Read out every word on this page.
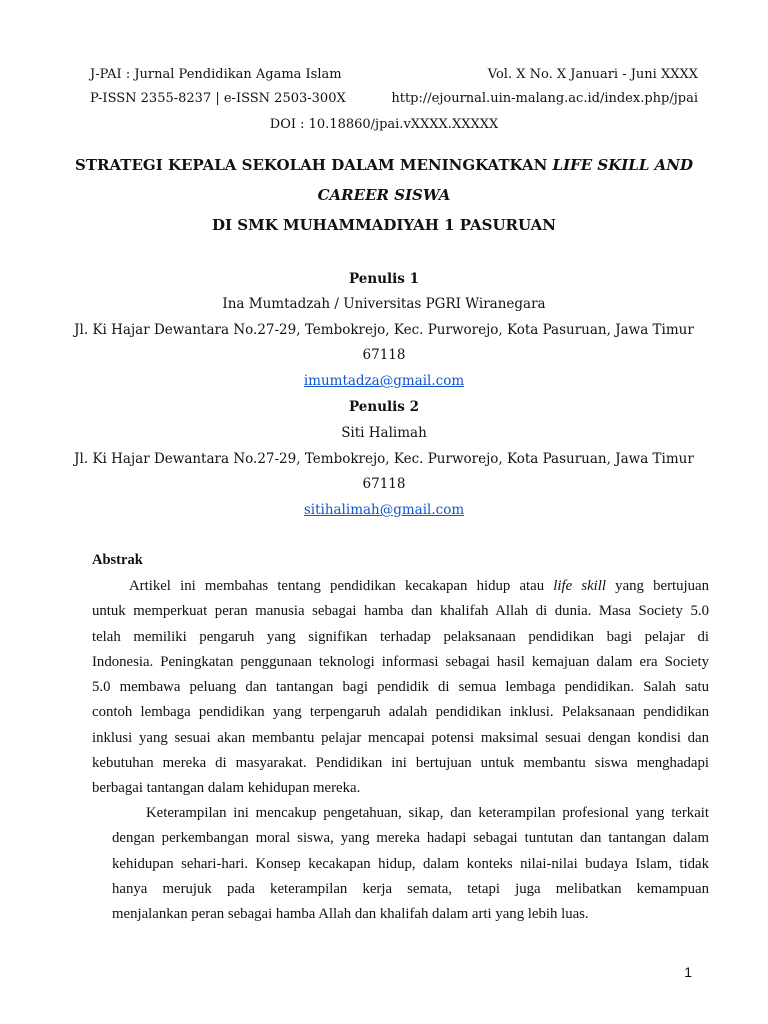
J-PAI : Jurnal Pendidikan Agama Islam	Vol. X No. X Januari - Juni XXXX
P-ISSN 2355-8237 | e-ISSN 2503-300X	http://ejournal.uin-malang.ac.id/index.php/jpai
DOI : 10.18860/jpai.vXXXX.XXXXX
STRATEGI KEPALA SEKOLAH DALAM MENINGKATKAN LIFE SKILL AND
CAREER SISWA
DI SMK MUHAMMADIYAH 1 PASURUAN
Penulis 1
Ina Mumtadzah / Universitas PGRI Wiranegara
Jl. Ki Hajar Dewantara No.27-29, Tembokrejo, Kec. Purworejo, Kota Pasuruan, Jawa Timur
67118
imumtadza@gmail.com
Penulis 2
Siti Halimah
Jl. Ki Hajar Dewantara No.27-29, Tembokrejo, Kec. Purworejo, Kota Pasuruan, Jawa Timur
67118
sitihalimah@gmail.com
Abstrak
Artikel ini membahas tentang pendidikan kecakapan hidup atau life skill yang bertujuan
untuk memperkuat peran manusia sebagai hamba dan khalifah Allah di dunia. Masa Society 5.0
telah memiliki pengaruh yang signifikan terhadap pelaksanaan pendidikan bagi pelajar di
Indonesia. Peningkatan penggunaan teknologi informasi sebagai hasil kemajuan dalam era Society
5.0 membawa peluang dan tantangan bagi pendidik di semua lembaga pendidikan. Salah satu
contoh lembaga pendidikan yang terpengaruh adalah pendidikan inklusi. Pelaksanaan pendidikan
inklusi yang sesuai akan membantu pelajar mencapai potensi maksimal sesuai dengan kondisi dan
kebutuhan mereka di masyarakat. Pendidikan ini bertujuan untuk membantu siswa menghadapi
berbagai tantangan dalam kehidupan mereka.
Keterampilan ini mencakup pengetahuan, sikap, dan keterampilan profesional yang terkait
dengan perkembangan moral siswa, yang mereka hadapi sebagai tuntutan dan tantangan dalam
kehidupan sehari-hari. Konsep kecakapan hidup, dalam konteks nilai-nilai budaya Islam, tidak
hanya merujuk pada keterampilan kerja semata, tetapi juga melibatkan kemampuan
menjalankan peran sebagai hamba Allah dan khalifah dalam arti yang lebih luas.
1
